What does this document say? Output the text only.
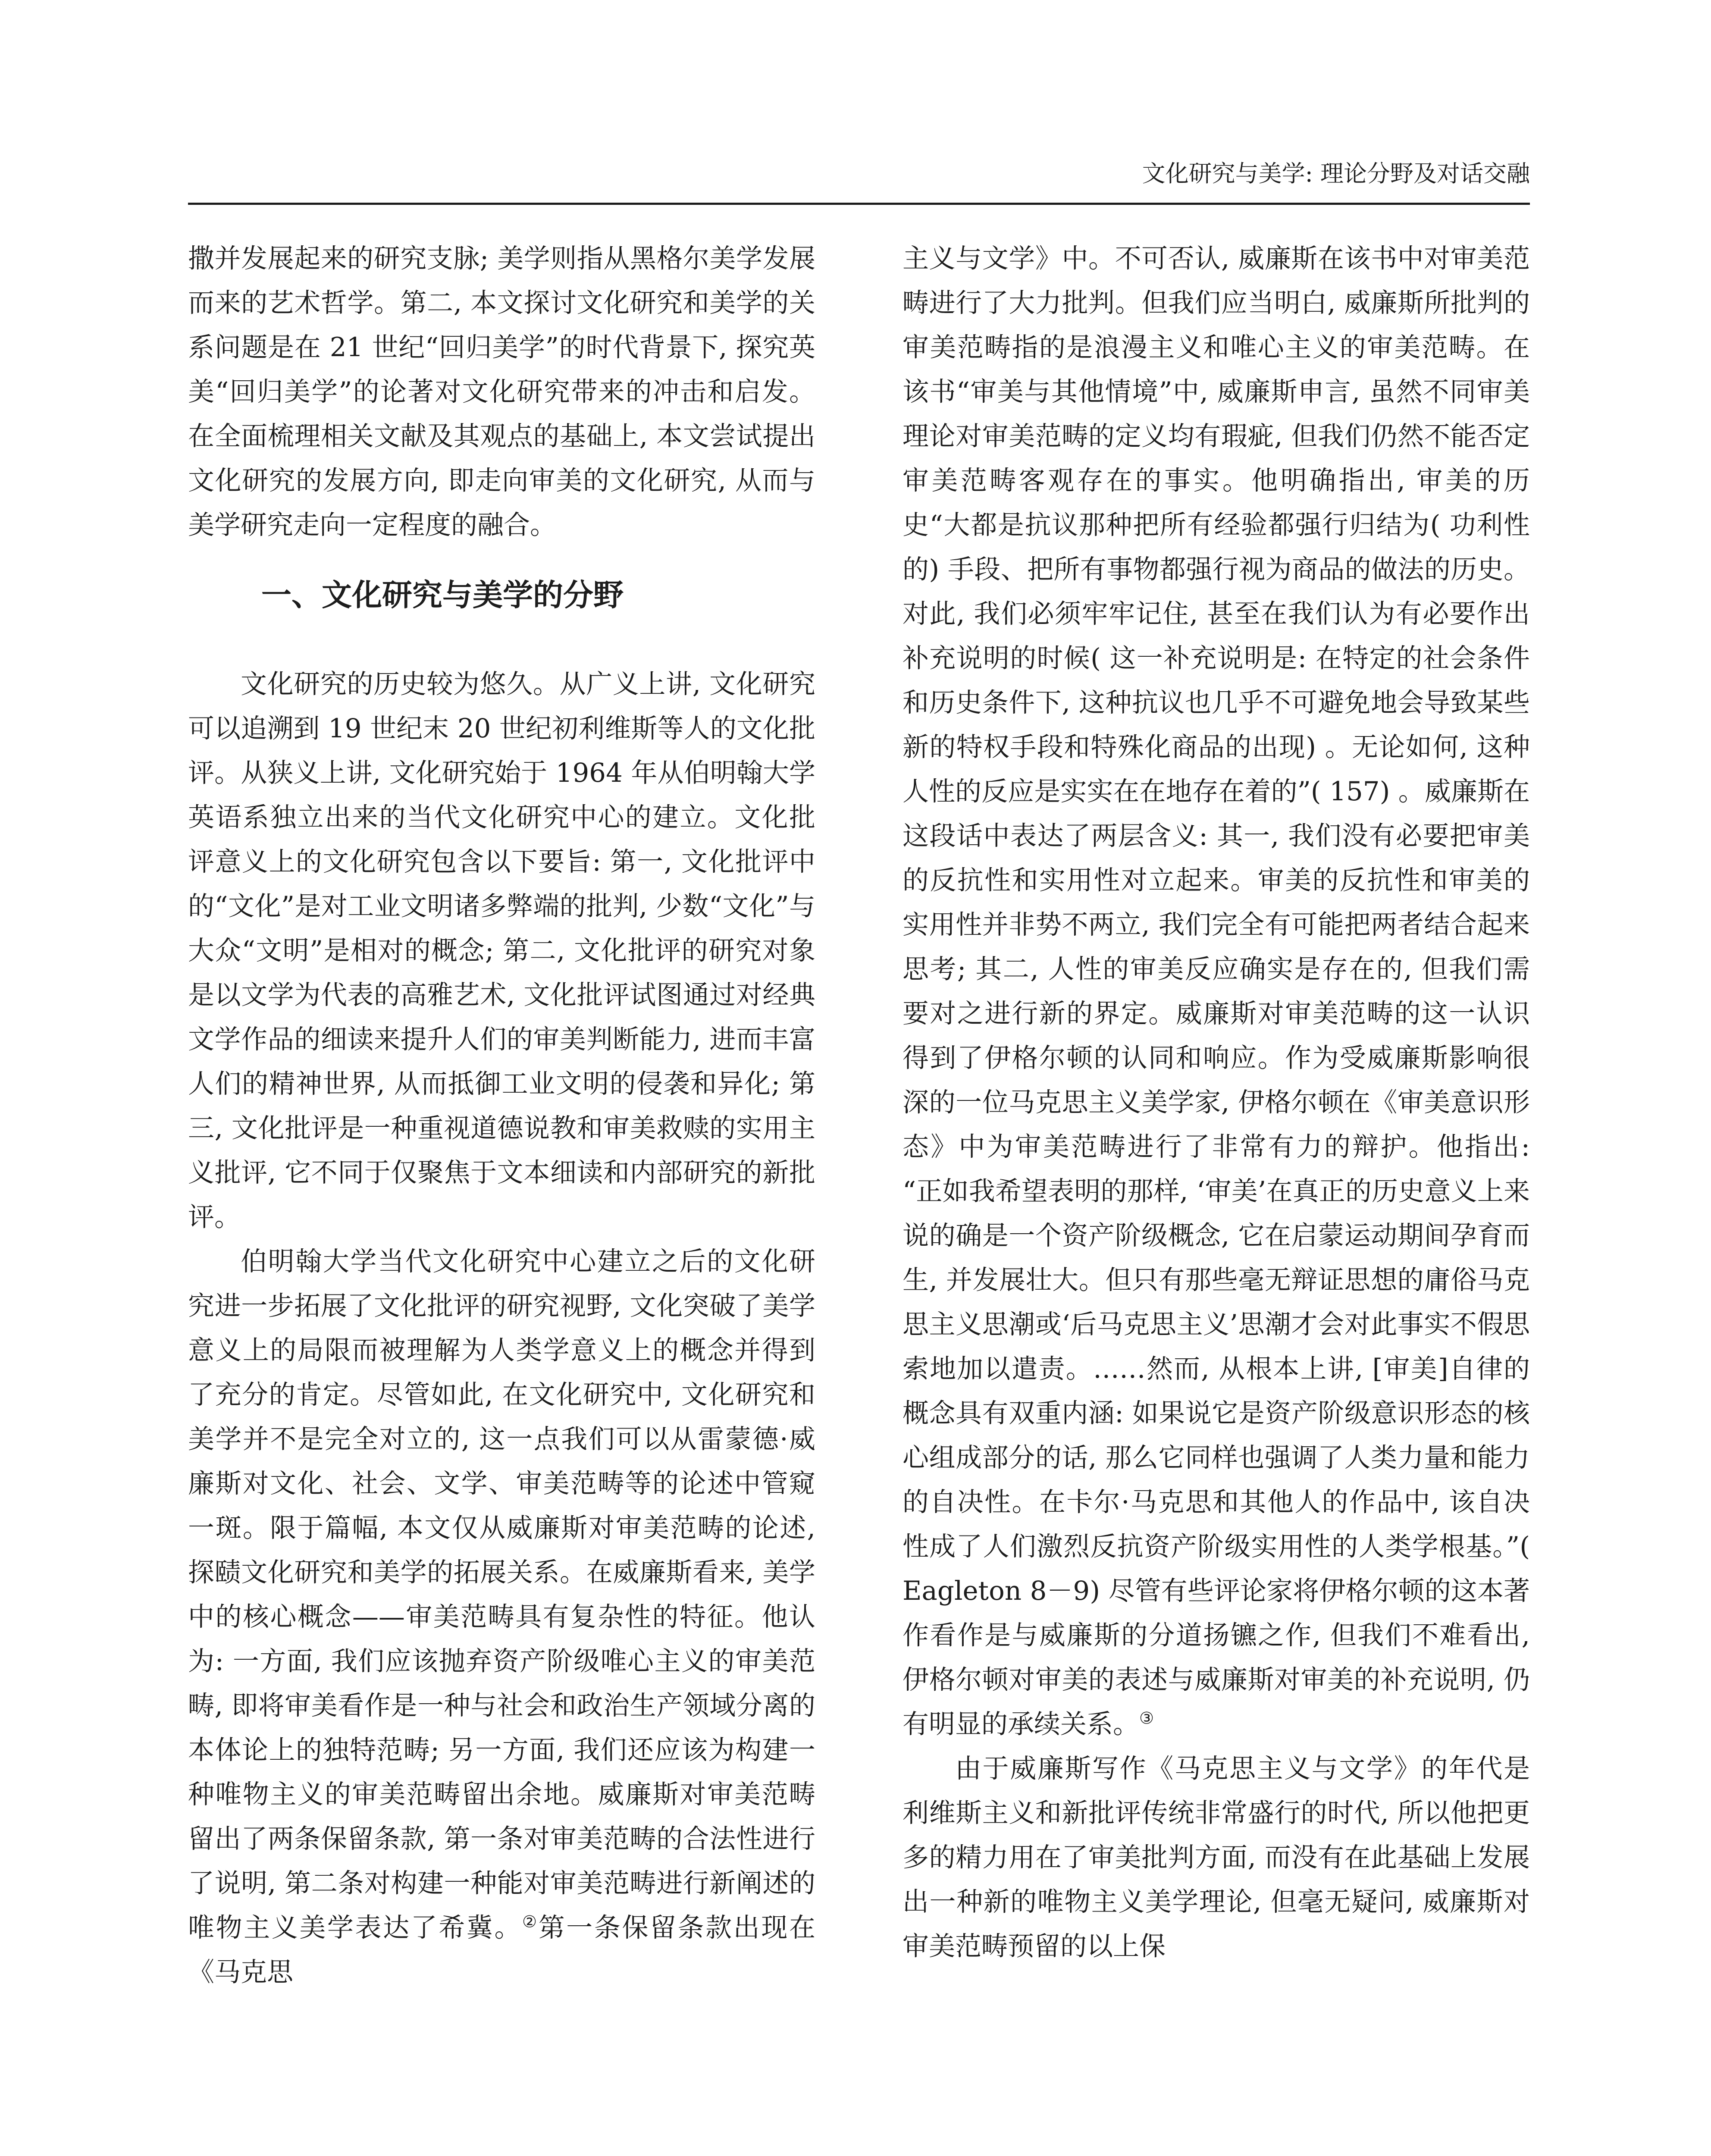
文化研究与美学: 理论分野及对话交融

撒并发展起来的研究支脉; 美学则指从黑格尔美学发展而来的艺术哲学。第二, 本文探讨文化研究和美学的关系问题是在 21 世纪“回归美学”的时代背景下, 探究英美“回归美学”的论著对文化研究带来的冲击和启发。在全面梳理相关文献及其观点的基础上, 本文尝试提出文化研究的发展方向, 即走向审美的文化研究, 从而与美学研究走向一定程度的融合。

一、文化研究与美学的分野

文化研究的历史较为悠久。从广义上讲, 文化研究可以追溯到 19 世纪末 20 世纪初利维斯等人的文化批评。从狭义上讲, 文化研究始于 1964 年从伯明翰大学英语系独立出来的当代文化研究中心的建立。文化批评意义上的文化研究包含以下要旨: 第一, 文化批评中的“文化”是对工业文明诸多弊端的批判, 少数“文化”与大众“文明”是相对的概念; 第二, 文化批评的研究对象是以文学为代表的高雅艺术, 文化批评试图通过对经典文学作品的细读来提升人们的审美判断能力, 进而丰富人们的精神世界, 从而抵御工业文明的侵袭和异化; 第三, 文化批评是一种重视道德说教和审美救赎的实用主义批评, 它不同于仅聚焦于文本细读和内部研究的新批评。

伯明翰大学当代文化研究中心建立之后的文化研究进一步拓展了文化批评的研究视野, 文化突破了美学意义上的局限而被理解为人类学意义上的概念并得到了充分的肯定。尽管如此, 在文化研究中, 文化研究和美学并不是完全对立的, 这一点我们可以从雷蒙德·威廉斯对文化、社会、文学、审美范畴等的论述中管窥一斑。限于篇幅, 本文仅从威廉斯对审美范畴的论述, 探赜文化研究和美学的拓展关系。在威廉斯看来, 美学中的核心概念——审美范畴具有复杂性的特征。他认为: 一方面, 我们应该抛弃资产阶级唯心主义的审美范畴, 即将审美看作是一种与社会和政治生产领域分离的本体论上的独特范畴; 另一方面, 我们还应该为构建一种唯物主义的审美范畴留出余地。威廉斯对审美范畴留出了两条保留条款, 第一条对审美范畴的合法性进行了说明, 第二条对构建一种能对审美范畴进行新阐述的唯物主义美学表达了希冀。②第一条保留条款出现在《马克思

主义与文学》中。不可否认, 威廉斯在该书中对审美范畴进行了大力批判。但我们应当明白, 威廉斯所批判的审美范畴指的是浪漫主义和唯心主义的审美范畴。在该书“审美与其他情境”中, 威廉斯申言, 虽然不同审美理论对审美范畴的定义均有瑕疵, 但我们仍然不能否定审美范畴客观存在的事实。他明确指出, 审美的历史“大都是抗议那种把所有经验都强行归结为( 功利性的) 手段、把所有事物都强行视为商品的做法的历史。对此, 我们必须牢牢记住, 甚至在我们认为有必要作出补充说明的时候( 这一补充说明是: 在特定的社会条件和历史条件下, 这种抗议也几乎不可避免地会导致某些新的特权手段和特殊化商品的出现) 。无论如何, 这种人性的反应是实实在在地存在着的”( 157) 。威廉斯在这段话中表达了两层含义: 其一, 我们没有必要把审美的反抗性和实用性对立起来。审美的反抗性和审美的实用性并非势不两立, 我们完全有可能把两者结合起来思考; 其二, 人性的审美反应确实是存在的, 但我们需要对之进行新的界定。威廉斯对审美范畴的这一认识得到了伊格尔顿的认同和响应。作为受威廉斯影响很深的一位马克思主义美学家, 伊格尔顿在《审美意识形态》中为审美范畴进行了非常有力的辩护。他指出: “正如我希望表明的那样, ‘审美’在真正的历史意义上来说的确是一个资产阶级概念, 它在启蒙运动期间孕育而生, 并发展壮大。但只有那些毫无辩证思想的庸俗马克思主义思潮或‘后马克思主义’思潮才会对此事实不假思索地加以遣责。……然而, 从根本上讲, [审美]自律的概念具有双重内涵: 如果说它是资产阶级意识形态的核心组成部分的话, 那么它同样也强调了人类力量和能力的自决性。在卡尔·马克思和其他人的作品中, 该自决性成了人们激烈反抗资产阶级实用性的人类学根基。”( Eagleton 8－9) 尽管有些评论家将伊格尔顿的这本著作看作是与威廉斯的分道扬镳之作, 但我们不难看出, 伊格尔顿对审美的表述与威廉斯对审美的补充说明, 仍有明显的承续关系。③

由于威廉斯写作《马克思主义与文学》的年代是利维斯主义和新批评传统非常盛行的时代, 所以他把更多的精力用在了审美批判方面, 而没有在此基础上发展出一种新的唯物主义美学理论, 但毫无疑问, 威廉斯对审美范畴预留的以上保
